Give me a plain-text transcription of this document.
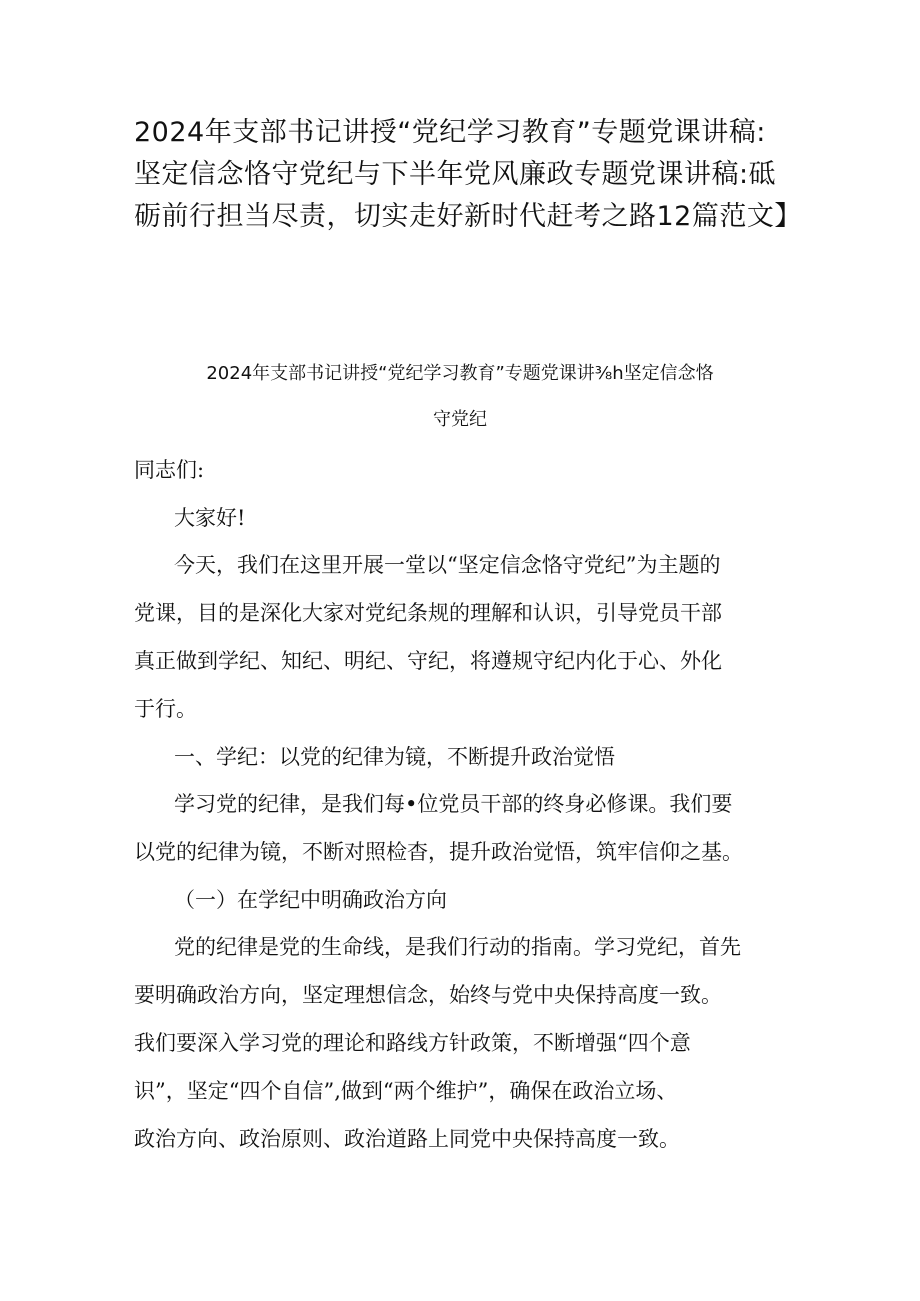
2024年支部书记讲授“党纪学习教育”专题党课讲稿:
坚定信念恪守党纪与下半年党风廉政专题党课讲稿:砥
砺前行担当尽责，切实走好新时代赶考之路12篇范文】
2024年支部书记讲授“党纪学习教育”专题党课讲⅜h坚定信念恪
守党纪
同志们:
大家好!
今天，我们在这里开展一堂以“坚定信念恪守党纪”为主题的
党课，目的是深化大家对党纪条规的理解和认识，引导党员干部
真正做到学纪、知纪、明纪、守纪，将遵规守纪内化于心、外化
于行。
一、学纪：以党的纪律为镜，不断提升政治觉悟
学习党的纪律，是我们每•位党员干部的终身必修课。我们要
以党的纪律为镜，不断对照检杳，提升政治觉悟，筑牢信仰之基。
（一）在学纪中明确政治方向
党的纪律是党的生命线，是我们行动的指南。学习党纪，首先
要明确政治方向，坚定理想信念，始终与党中央保持高度一致。
我们要深入学习党的理论和路线方针政策，不断增强“四个意
识”，坚定“四个自信”,做到“两个维护”，确保在政治立场、
政治方向、政治原则、政治道路上同党中央保持高度一致。
